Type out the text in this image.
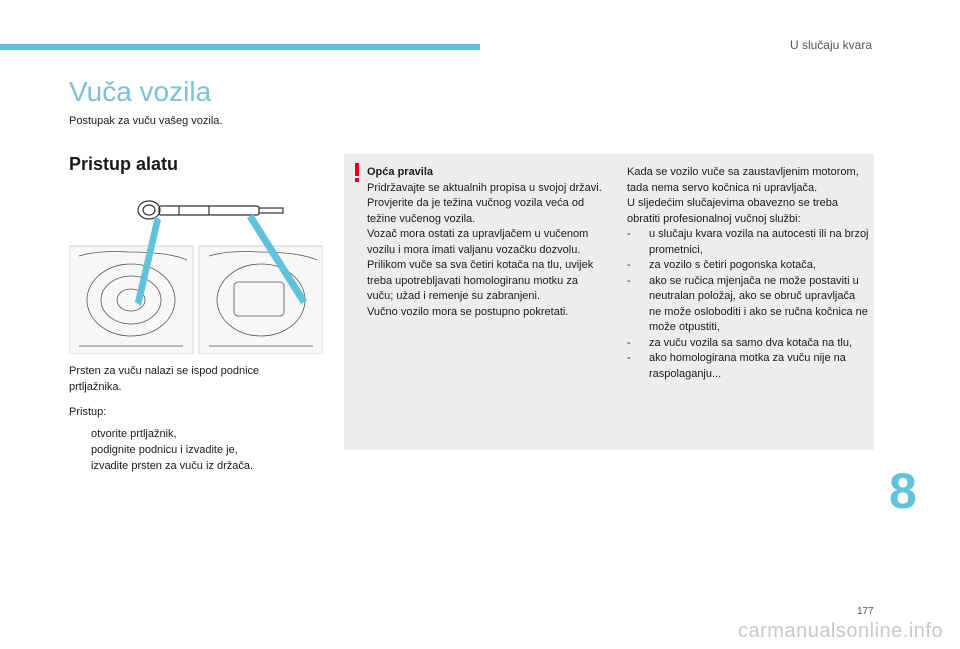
U slučaju kvara
Vuča vozila
Postupak za vuču vašeg vozila.
Pristup alatu
Prsten za vuču nalazi se ispod podnice prtljažnika.
Pristup:
otvorite prtljažnik,
podignite podnicu i izvadite je,
izvadite prsten za vuču iz držača.
Opća pravila
Pridržavajte se aktualnih propisa u svojoj državi.
Provjerite da je težina vučnog vozila veća od težine vučenog vozila.
Vozač mora ostati za upravljačem u vučenom vozilu i mora imati valjanu vozačku dozvolu.
Prilikom vuče sa sva četiri kotača na tlu, uvijek treba upotrebljavati homologiranu motku za vuču; užad i remenje su zabranjeni.
Vučno vozilo mora se postupno pokretati.
Kada se vozilo vuče sa zaustavljenim motorom, tada nema servo kočnica ni upravljača.
U sljedećim slučajevima obavezno se treba obratiti profesionalnoj vučnoj službi:
-	u slučaju kvara vozila na autocesti ili na brzoj prometnici,
-	za vozilo s četiri pogonska kotača,
-	ako se ručica mjenjača ne može postaviti u neutralan položaj, ako se obruč upravljača ne može osloboditi i ako se ručna kočnica ne može otpustiti,
-	za vuču vozila sa samo dva kotača na tlu,
-	ako homologirana motka za vuču nije na raspolaganju...
8
177
carmanualsonline.info
